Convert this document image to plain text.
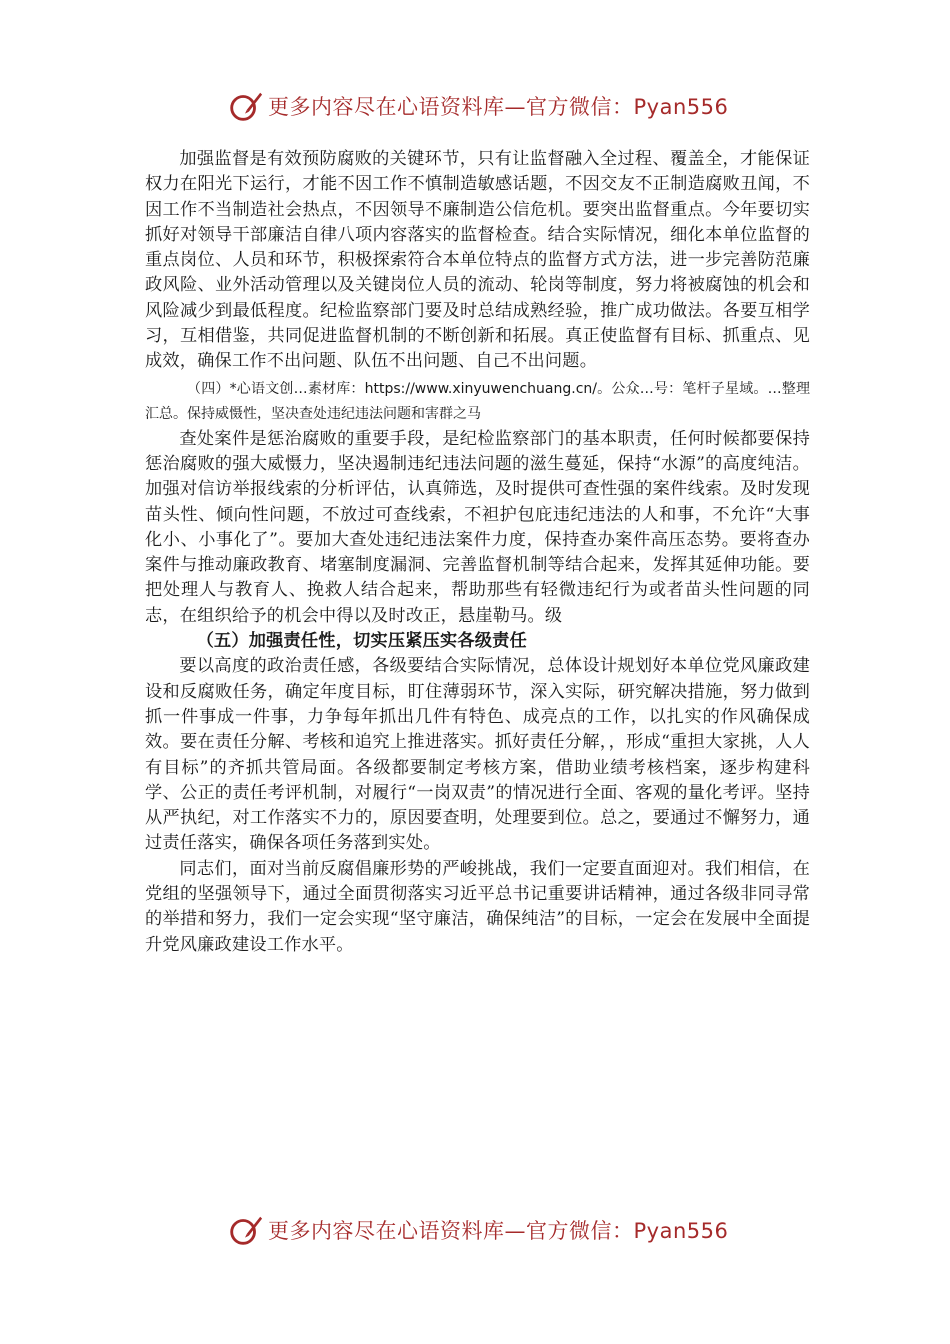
更多内容尽在心语资料库—官方微信：Pyan556

加强监督是有效预防腐败的关键环节，只有让监督融入全过程、覆盖全，才能保证权力在阳光下运行，才能不因工作不慎制造敏感话题，不因交友不正制造腐败丑闻，不因工作不当制造社会热点，不因领导不廉制造公信危机。要突出监督重点。今年要切实抓好对领导干部廉洁自律八项内容落实的监督检查。结合实际情况，细化本单位监督的重点岗位、人员和环节，积极探索符合本单位特点的监督方式方法，进一步完善防范廉政风险、业外活动管理以及关键岗位人员的流动、轮岗等制度，努力将被腐蚀的机会和风险减少到最低程度。纪检监察部门要及时总结成熟经验，推广成功做法。各要互相学习，互相借鉴，共同促进监督机制的不断创新和拓展。真正使监督有目标、抓重点、见成效，确保工作不出问题、队伍不出问题、自己不出问题。

（四）*心语文创…素材库：https://www.xinyuwenchuang.cn/。公众…号：笔杆子星域。…整理汇总。保持威慑性，坚决查处违纪违法问题和害群之马

查处案件是惩治腐败的重要手段，是纪检监察部门的基本职责，任何时候都要保持惩治腐败的强大威慑力，坚决遏制违纪违法问题的滋生蔓延，保持“水源”的高度纯洁。加强对信访举报线索的分析评估，认真筛选，及时提供可查性强的案件线索。及时发现苗头性、倾向性问题，不放过可查线索，不袒护包庇违纪违法的人和事，不允许“大事化小、小事化了”。要加大查处违纪违法案件力度，保持查办案件高压态势。要将查办案件与推动廉政教育、堵塞制度漏洞、完善监督机制等结合起来，发挥其延伸功能。要把处理人与教育人、挽救人结合起来，帮助那些有轻微违纪行为或者苗头性问题的同志，在组织给予的机会中得以及时改正，悬崖勒马。级

（五）加强责任性，切实压紧压实各级责任

要以高度的政治责任感，各级要结合实际情况，总体设计规划好本单位党风廉政建设和反腐败任务，确定年度目标，盯住薄弱环节，深入实际，研究解决措施，努力做到抓一件事成一件事，力争每年抓出几件有特色、成亮点的工作，以扎实的作风确保成效。要在责任分解、考核和追究上推进落实。抓好责任分解，，形成“重担大家挑，人人有目标”的齐抓共管局面。各级都要制定考核方案，借助业绩考核档案，逐步构建科学、公正的责任考评机制，对履行“一岗双责”的情况进行全面、客观的量化考评。坚持从严执纪，对工作落实不力的，原因要查明，处理要到位。总之，要通过不懈努力，通过责任落实，确保各项任务落到实处。

同志们，面对当前反腐倡廉形势的严峻挑战，我们一定要直面迎对。我们相信，在党组的坚强领导下，通过全面贯彻落实习近平总书记重要讲话精神，通过各级非同寻常的举措和努力，我们一定会实现“坚守廉洁，确保纯洁”的目标，一定会在发展中全面提升党风廉政建设工作水平。

更多内容尽在心语资料库—官方微信：Pyan556
